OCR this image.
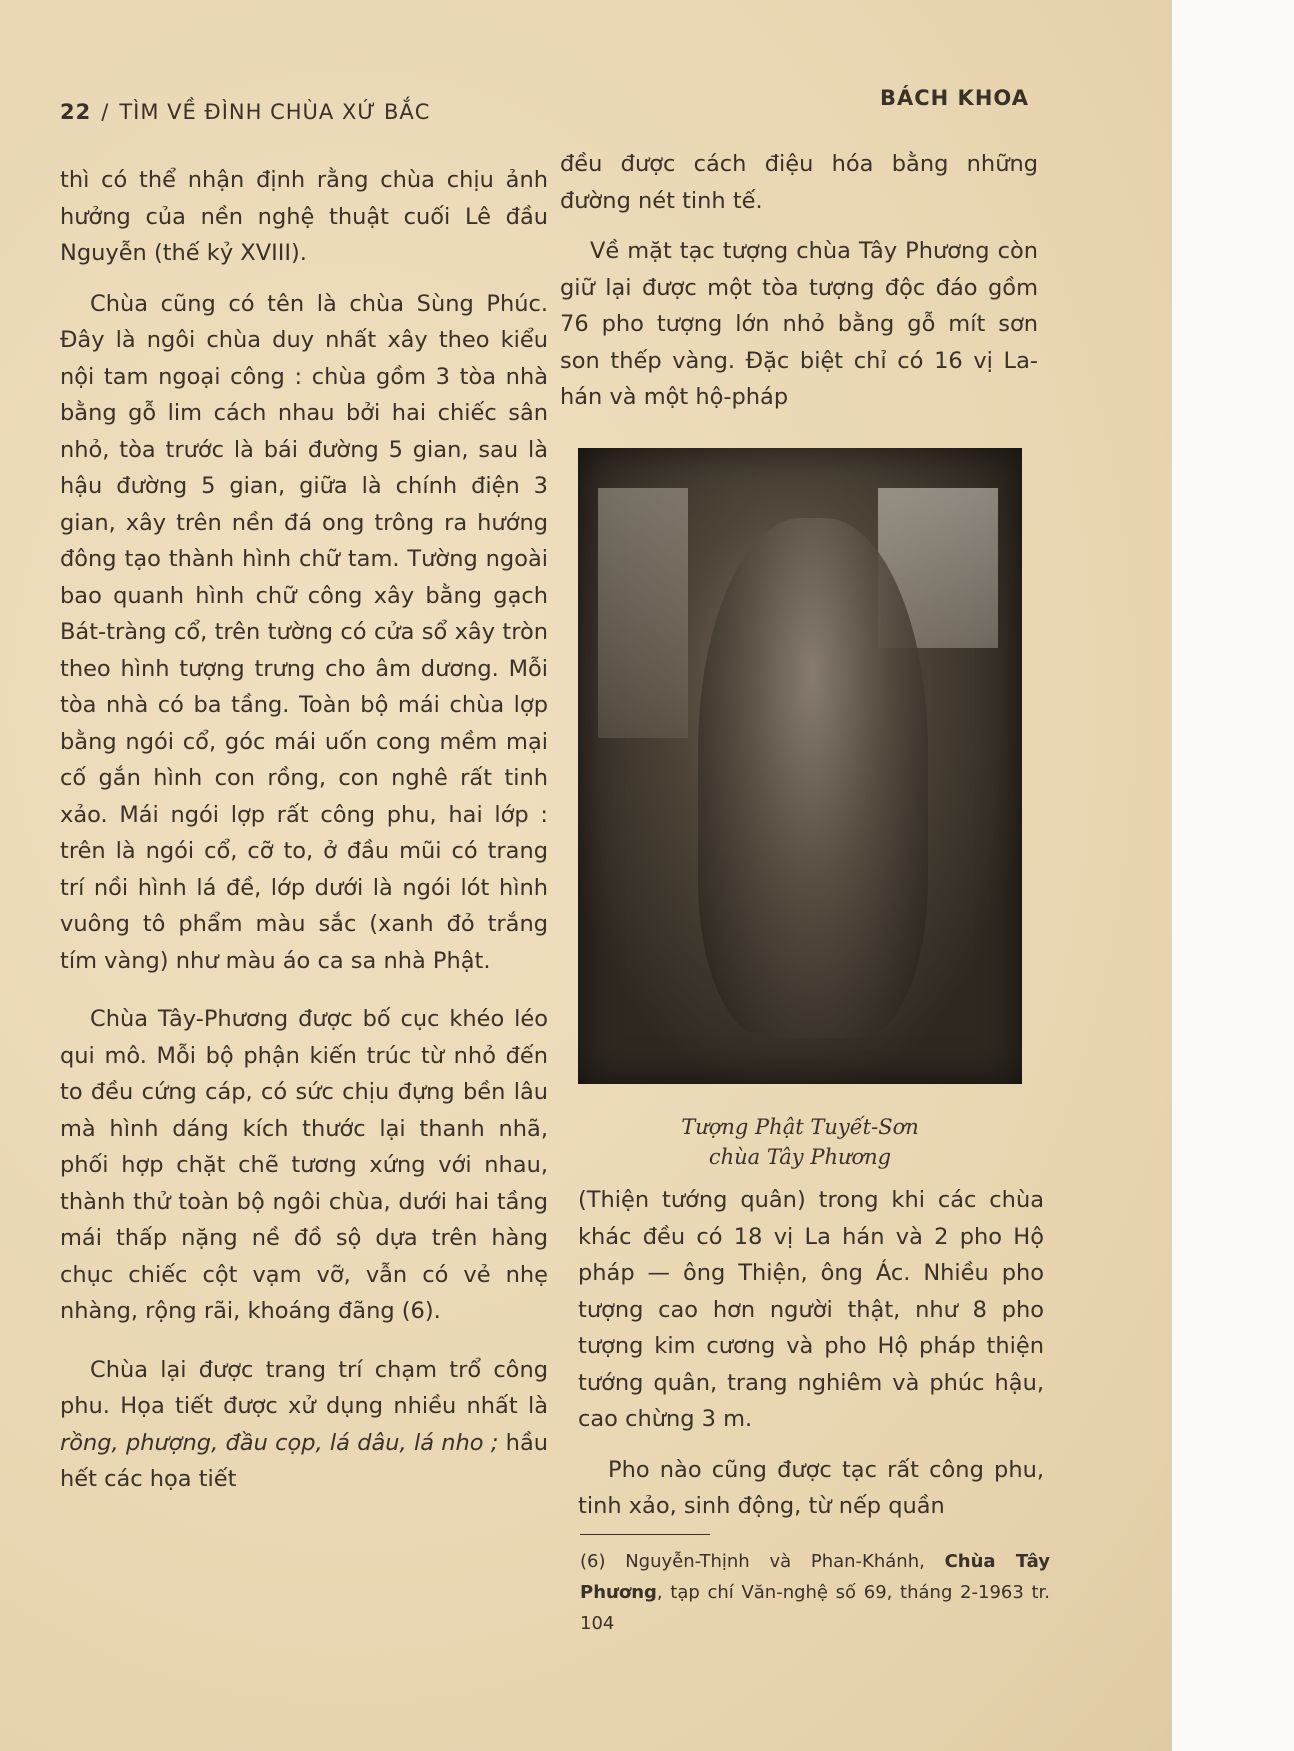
22 / TÌM VỀ ĐÌNH CHÙA XỨ BẮC
BÁCH KHOA

thì có thể nhận định rằng chùa chịu ảnh hưởng của nền nghệ thuật cuối Lê đầu Nguyễn (thế kỷ XVIII).

Chùa cũng có tên là chùa Sùng Phúc. Đây là ngôi chùa duy nhất xây theo kiểu nội tam ngoại công : chùa gồm 3 tòa nhà bằng gỗ lim cách nhau bởi hai chiếc sân nhỏ, tòa trước là bái đường 5 gian, sau là hậu đường 5 gian, giữa là chính điện 3 gian, xây trên nền đá ong trông ra hướng đông tạo thành hình chữ tam. Tường ngoài bao quanh hình chữ công xây bằng gạch Bát-tràng cổ, trên tường có cửa sổ xây tròn theo hình tượng trưng cho âm dương. Mỗi tòa nhà có ba tầng. Toàn bộ mái chùa lợp bằng ngói cổ, góc mái uốn cong mềm mại cố gắn hình con rồng, con nghê rất tinh xảo. Mái ngói lợp rất công phu, hai lớp : trên là ngói cổ, cỡ to, ở đầu mũi có trang trí nồi hình lá đề, lớp dưới là ngói lót hình vuông tô phẩm màu sắc (xanh đỏ trắng tím vàng) như màu áo ca sa nhà Phật.

Chùa Tây-Phương được bố cục khéo léo qui mô. Mỗi bộ phận kiến trúc từ nhỏ đến to đều cứng cáp, có sức chịu đựng bền lâu mà hình dáng kích thước lại thanh nhã, phối hợp chặt chẽ tương xứng với nhau, thành thử toàn bộ ngôi chùa, dưới hai tầng mái thấp nặng nề đồ sộ dựa trên hàng chục chiếc cột vạm vỡ, vẫn có vẻ nhẹ nhàng, rộng rãi, khoáng đãng (6).

Chùa lại được trang trí chạm trổ công phu. Họa tiết được xử dụng nhiều nhất là rồng, phượng, đầu cọp, lá dâu, lá nho ; hầu hết các họa tiết

đều được cách điệu hóa bằng những đường nét tinh tế.

Về mặt tạc tượng chùa Tây Phương còn giữ lại được một tòa tượng độc đáo gồm 76 pho tượng lớn nhỏ bằng gỗ mít sơn son thếp vàng. Đặc biệt chỉ có 16 vị La-hán và một hộ-pháp

Tượng Phật Tuyết-Sơn
chùa Tây Phương

(Thiện tướng quân) trong khi các chùa khác đều có 18 vị La hán và 2 pho Hộ pháp — ông Thiện, ông Ác. Nhiều pho tượng cao hơn người thật, như 8 pho tượng kim cương và pho Hộ pháp thiện tướng quân, trang nghiêm và phúc hậu, cao chừng 3 m.

Pho nào cũng được tạc rất công phu, tinh xảo, sinh động, từ nếp quần

(6) Nguyễn-Thịnh và Phan-Khánh, Chùa Tây Phương, tạp chí Văn-nghệ số 69, tháng 2-1963 tr. 104
